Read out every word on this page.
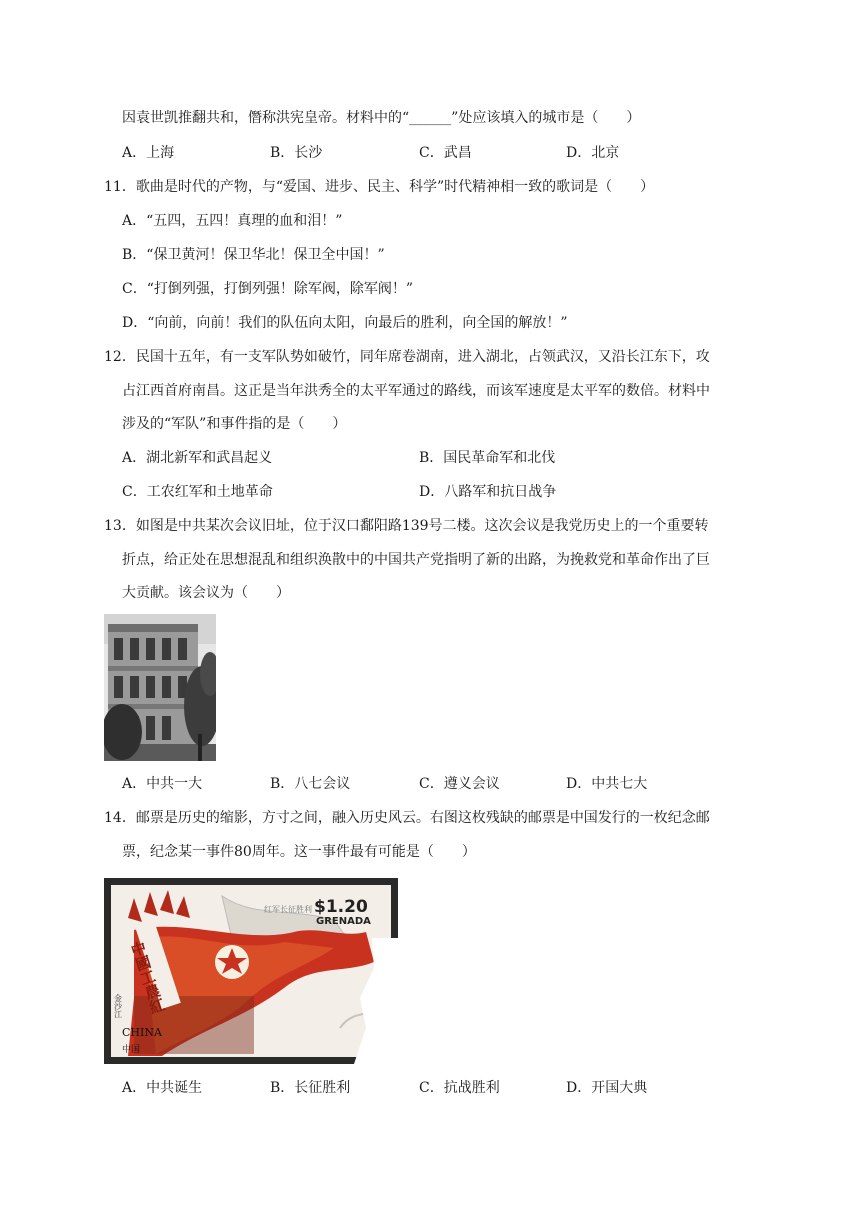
因袁世凯推翻共和，僭称洪宪皇帝。材料中的“______”处应该填入的城市是（　　）
A．上海	B．长沙	C．武昌	D．北京
11．歌曲是时代的产物，与“爱国、进步、民主、科学”时代精神相一致的歌词是（　　）
A．“五四，五四！真理的血和泪！”
B．“保卫黄河！保卫华北！保卫全中国！”
C．“打倒列强，打倒列强！除军阀，除军阀！”
D．“向前，向前！我们的队伍向太阳，向最后的胜利，向全国的解放！”
12．民国十五年，有一支军队势如破竹，同年席卷湖南，进入湖北，占领武汉，又沿长江东下，攻
占江西首府南昌。这正是当年洪秀全的太平军通过的路线，而该军速度是太平军的数倍。材料中
涉及的“军队”和事件指的是（　　）
A．湖北新军和武昌起义	B．国民革命军和北伐
C．工农红军和土地革命	D．八路军和抗日战争
13．如图是中共某次会议旧址，位于汉口鄱阳路139号二楼。这次会议是我党历史上的一个重要转
折点，给正处在思想混乱和组织涣散中的中国共产党指明了新的出路，为挽救党和革命作出了巨
大贡献。该会议为（　　）
A．中共一大	B．八七会议	C．遵义会议	D．中共七大
14．邮票是历史的缩影，方寸之间，融入历史风云。右图这枚残缺的邮票是中国发行的一枚纪念邮
票，纪念某一事件80周年。这一事件最有可能是（　　）
中國工農紅
红军长征胜利 $1.20
GRENADA
金沙江
CHINA
中国
A．中共诞生	B．长征胜利	C．抗战胜利	D．开国大典
